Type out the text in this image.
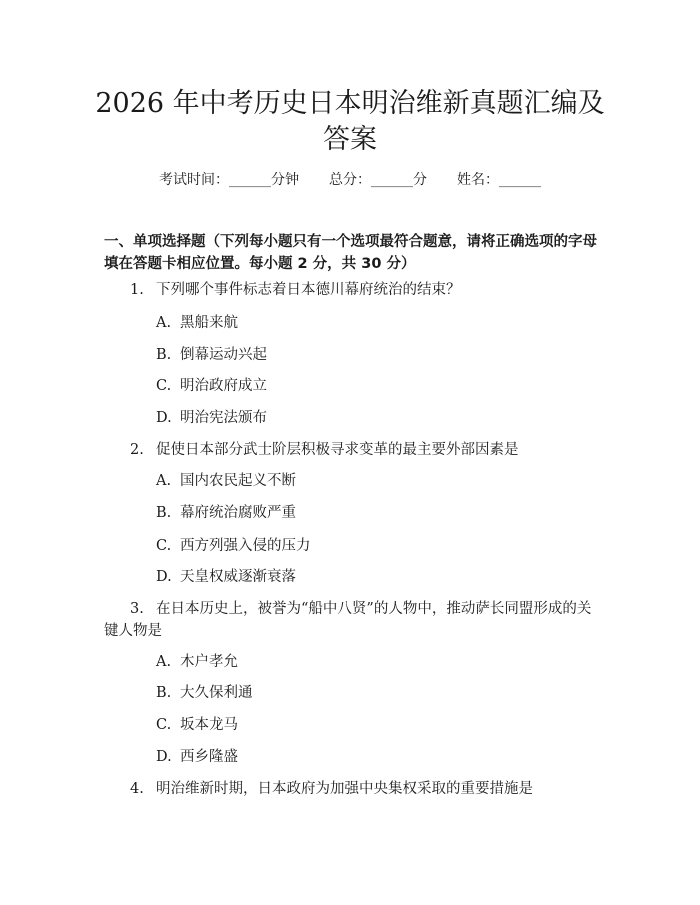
2026 年中考历史日本明治维新真题汇编及答案
考试时间：______分钟 总分：______分 姓名：______
一、单项选择题（下列每小题只有一个选项最符合题意，请将正确选项的字母填在答题卡相应位置。每小题 2 分，共 30 分）
1. 下列哪个事件标志着日本德川幕府统治的结束？
A. 黑船来航
B. 倒幕运动兴起
C. 明治政府成立
D. 明治宪法颁布
2. 促使日本部分武士阶层积极寻求变革的最主要外部因素是
A. 国内农民起义不断
B. 幕府统治腐败严重
C. 西方列强入侵的压力
D. 天皇权威逐渐衰落
3. 在日本历史上，被誉为“船中八贤”的人物中，推动萨长同盟形成的关键人物是
A. 木户孝允
B. 大久保利通
C. 坂本龙马
D. 西乡隆盛
4. 明治维新时期，日本政府为加强中央集权采取的重要措施是
